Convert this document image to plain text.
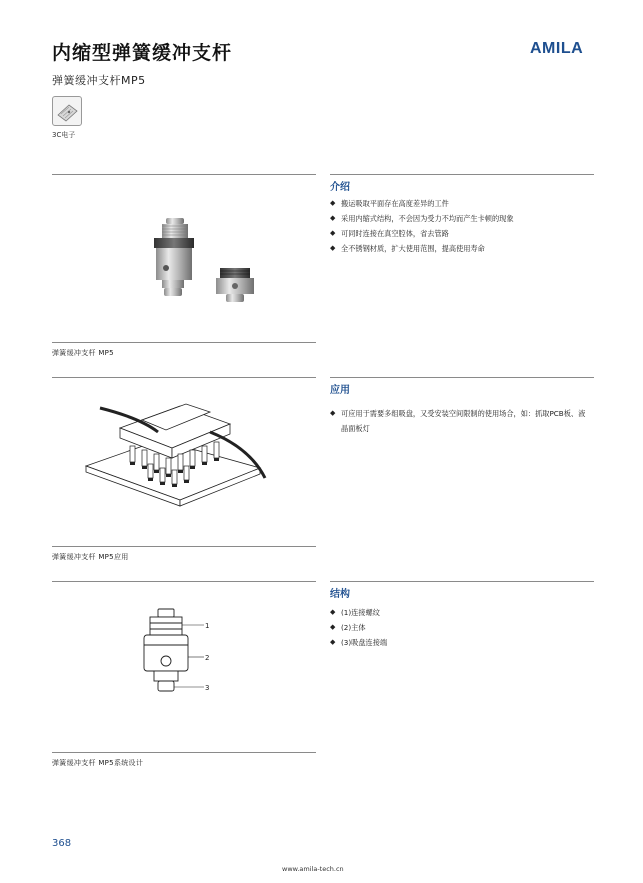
内缩型弹簧缓冲支杆
弹簧缓冲支杆MP5
AMILA
3C电子
介绍
弹簧缓冲支杆 MP5
◆ 搬运吸取平面存在高度差异的工件
◆ 采用内缩式结构，不会因为受力不均而产生卡顿的现象
◆ 可同时连接在真空腔体，省去管路
◆ 全不锈钢材质，扩大使用范围，提高使用寿命
应用
弹簧缓冲支杆 MP5应用
◆ 可应用于需要多组吸盘，又受安装空间限制的使用场合，如：抓取PCB板、液晶面板灯
结构
1
2
3
弹簧缓冲支杆 MP5系统设计
◆ (1)连接螺纹
◆ (2)主体
◆ (3)吸盘连接端
368
www.amila-tech.cn
